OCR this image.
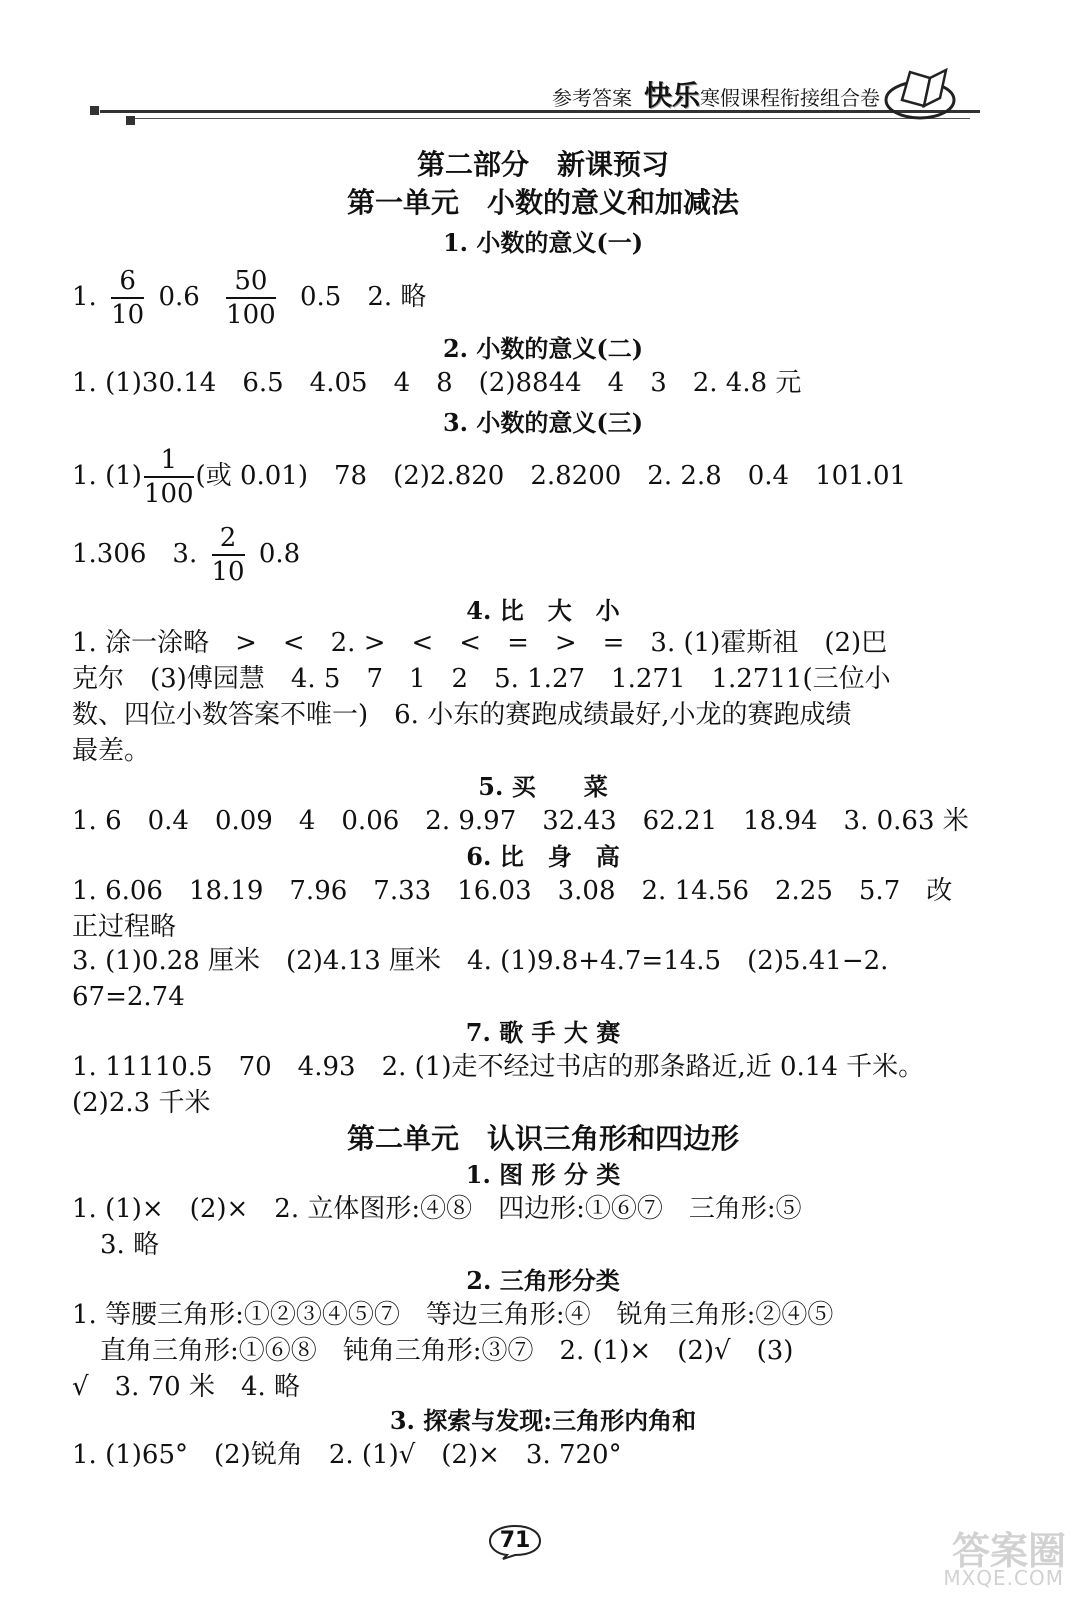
参考答案 快乐寒假课程衔接组合卷
第二部分　新课预习
第一单元　小数的意义和加减法
1. 小数的意义(一)
1. $\frac{6}{10} 0.6 \frac{50}{100} 0.5$　2. 略
2. 小数的意义(二)
1. (1)30.14　6.5　4.05　4　8　(2)8844　4　3　2. 4.8 元
3. 小数的意义(三)
1. $(1) \frac{1}{100}$ (或 0.01)　78　(2)2.820　2.8200　2. 2.8　0.4　101.01
1.306　3. $\frac{2}{10} 0.8$
4. 比　大　小
1. 涂一涂略　>　<　2. >　<　<　=　>　=　3. (1)霍斯祖　(2)巴
克尔　(3)傅园慧　4. 5　7　1　2　5. 1.27　1.271　1.2711(三位小
数、四位小数答案不唯一)　6. 小东的赛跑成绩最好,小龙的赛跑成绩
最差。
5. 买　　菜
1. 6　0.4　0.09　4　0.06　2. 9.97　32.43　62.21　18.94　3. 0.63 米
6. 比　身　高
1. 6.06　18.19　7.96　7.33　16.03　3.08　2. 14.56　2.25　5.7　改
正过程略
3. (1)0.28 厘米　(2)4.13 厘米　4. (1)9.8+4.7=14.5　(2)5.41−2.
67=2.74
7. 歌 手 大 赛
1. 11110.5　70　4.93　2. (1)走不经过书店的那条路近,近 0.14 千米。
(2)2.3 千米
第二单元　认识三角形和四边形
1. 图 形 分 类
1. (1)×　(2)×　2. 立体图形:④⑧　四边形:①⑥⑦　三角形:⑤
3. 略
2. 三角形分类
1. 等腰三角形:①②③④⑤⑦　等边三角形:④　锐角三角形:②④⑤
直角三角形:①⑥⑧　钝角三角形:③⑦　2. (1)×　(2)√　(3)
√　3. 70 米　4. 略
3. 探索与发现:三角形内角和
1. (1)65°　(2)锐角　2. (1)√　(2)×　3. 720°
71	答案圈
MXQE.COM
